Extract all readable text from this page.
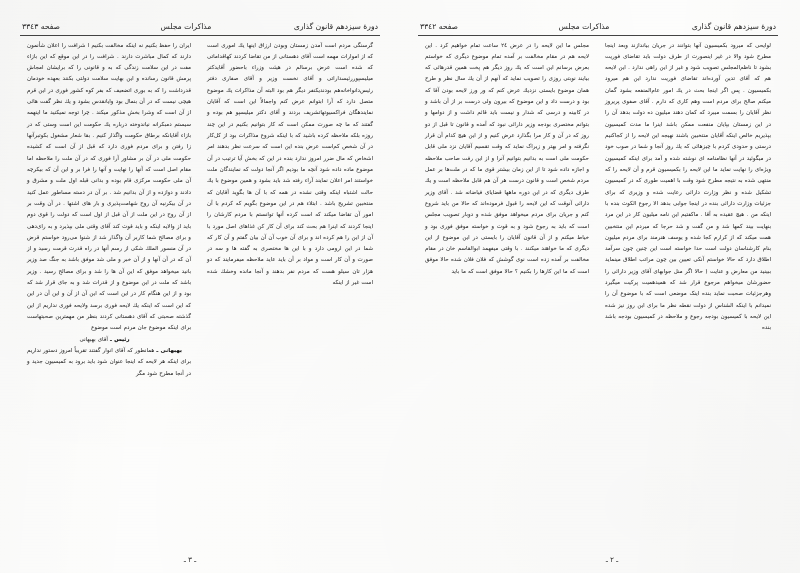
دورهٔ سیزدهم قانون گذاری
مذاکرات مجلس
صفحه ٣٣٤٢

لوایحی که میرود بکمیسیون آنها بتوانند در جریان بیاندازند وبعد اینجا مطرح شود والا در غیر اینصورت از طرف دولت باید تقاضای فوریت بشود تا ناظم‌المجلس تصویب شود و غیر از این راهی ندارد . این لایحه هم که آقای تدین آورده‌اند تقاضای فوریت ندارد این هم میرود بکمیسیون . پس اگر اینجا بحث در یك امور عام‌المنفعه بشود گمان میکنم صالح برای مردم است وهم کاری که دارم . آقای صفوی پریروز نظر آقایان را بسمت میبرد که کمان دهند میلیون ده دولت بدهد آن را در این زمستان بپایان منفعت ممکن باشد اینرا ما مدت کمیسیون بپذیریم خالص اینکه آقایان منتخبین باشند نهیجه این لایحه را از کجاکنیم درستی و حدودی کردم با چیزهائی که یك روز آنجا و شما در صوب خود در میگوئید در آنها نظامنامه ای نوشته شده و آمد برای اینکه کمیسیون ویژه‌ای را نهایت نماید ما این لایحه را بکمیسیون قرم و آن لایحه را که منتهی شده به نتیجه مطرح شود وقت با اهمیت طوری که در کمیسیون تشکیل شده و نظر وزارت دارائی رعایت شده و وزیری که برای جزئیات وزارت دارائی بنده در اینجا جوابی بدهد الا رجوع الکوت بنده با اینکه من . هیچ عقیده به آقا . ماکفتیم این نامه میلیون کار در این مرد بنهایت بیند کمها شد و من گفت و شد حرجا که میردم این منتخبین همت میکند که از کرارم کجا شده و یوسف هنرمند برای مردم میلیون بنام کارشناسان دولت است حدا خواسته است این چنین چون سرآمد اطلاق دارد که حالا خواستم آنکی تعیین بین چون مراتب اطلاق مینماید ببینید من معارض و عنایت ( حالا اگر منل جوابهای آقای وزیر دارائی را حضورشان میخواهم مرجوع قرار شد که همیدهمیت پرکیت میگیرد وهرجزئیات صحبت نماید بنده اینک موضعی است که با موضوع آن را نمیدانم با اینکه الشناس از دولت نقطه نظر ما برای این روز نیز شده این لایحه با کمیسیون بودجه رجوع و ملاحظه در کمیسیون بودجه باشد بنده

مجلس ما این لایحه را در عرض ٢٤ ساعت تمام خواهیم کرد . این لایحه هم در مقام مخالفت بر آمده تمام موضوع دیگری که خواستم بعرض برسانم این است که یك روز دیگر هم پخت همین قدرهائی که بیایند نوبتی روزی را تصویب نماید که آنهم از آن یك سال نظر و طرح همان موضوع بایستی نزدیك عرض کنم که ور ورز لایحه بودن آقا که بود و درست داد و این موضوع که بیرون ولی درست بر از آن باشد و در کابینه و درسی که شدار و نیست باید قائم داشت و از دوامها و بتوانم مختصری بودجه وزیر دارائی نبود که آمده و قانون تا قبل از دو روز که در آن و کار مرا بگذارد عرض کنیم و از این هیچ کدام آن قرار نگرفته و امر بهتر و زیراک نماید که وقت تقسیم آقایان نزد ملی قابل حکومت ملی است به بدانیم بتوانیم آنرا و از این رفت صاحب ملاحظه و اجازه داده شود تا از این زمان بیشتر قوی ما که در ملت‌ها بر عمل مردم شخص است و قانون درست هر آن هم قابل ملاحظه است و یك طرف دیگری که در این دوره ماهها قضایای فیاضانه شد . آقای وزیر دارائی آنوقت که این لایحه را قبول فرموده‌اند که حالا من باید شروع کنم و جریان برای مردم میخواهد موفق شده و دوبار تصویب مجلس است که باید به رجوع شود و به قوت و خواسته موفق فوری بود و خیاط میکنم و از آن قانون آقایان را بایستی در این موضوع از این دیگری که ما خواهند میکنند . با وقتی میفهمد ابوالقاسم خان در مقام مخالفت بر آمده زده است نوی گوشش که فلان فلان شده حالا موفق است که ما این کارها را بکنیم ؟ حالا موفق است که ما باید

ـ ٢ ـ
دورهٔ سیزدهم قانون گذاری
مذاکرات مجلس
صفحه ٣٣٤٣

گرسنگی مردم است آمدن زمستان وبودن ارزاق اینها یك اموری است که از اموارات مهمه است آقای دهستانی از من تقاضا کردند کهاقداماتی که شده است عرض برسالم در هیئت وزراء باحضور آقایدکتر میلیسپوررئیسداراتی و آقای نخست وزیر و آقای صفاری دفتر رئیس‌دانواخانه‌هم بودندیكنفر دیگر هم بود البته آن مذاکرات یك موضوع متصل دارد که آرا ابتوانم عرض کنم واجمالاً این است که آقایان نمایندهگان فراکسیوتهاتشریف بردند و آقای دکتر میلیسپو هم بوده و گفتند که ما چه صورت ممکن است که کار بتوانیم بکنیم در این چند روزه بلکه ملاحظه کرده باشید که با اینکه شروع مذاکرات بود از کل‌کار در آن شخص کم‌است عرض بنده این است که سرعت نظر بدهند امر اشخاص که مال ضرر امروز ندارد بنده در این که بخش آیا ترتیب در آن موضوع ماده داده شود آنچه ما بودیم اگر آنجا دولت که نمایندگان ملت خواستند امر اعلان نمایند آراء رفته شد باید بشود و همین موضوع با یك حالت اشتباه اینکه وقتی نشده در همه که با آن ها بگوید آقایان که منتخبین تشریح باشد . ابتلاء هم در این موضوع بگویم که کردم با آن امور آن تقاضا میکند که است کرده آنها توانستم با مردم کارشان را اینجا کردند که اینرا هم بحث کند برای آن کار کن غذاهای اصل مورد با آن از این را هم کرده اند و برای آن خوب آن آن بیان گفتم و آن کار که شما در این ارومی دارد و با این ها مختصری به گفته ها و سه در صورت و آن کار است و مواد بر آن باید عاید ملاحظه میفرمایند که دو هزار تان سیلو هست که مردم نفر بدهند و آنجا مانده وخشك شده است غیر از اینکه

ایران را حفظ بکنیم نه اینکه مخالفت بکنیم ا شرافت را اعلان شأنمون دارند که کمال مباشرت دارند . شرافت را در این موقع که این بازاء مفت در این سلامت زندگی که به و قانونی را که برایشان امجاش پرمش قانون رسانده و این بهایت سلامت دولتی بکنند بعهده خودمان قدرداشت را که به بوری اتضعیف که بفر کوه کشور فوری در این قرم هیچی نیست که در آن بنمال بود وایانقدس بشود و یك نظر گفت هائی از آن است که وشرا بخش مذکور میکند . چرا توجه نمیکنید ما اینهمه سیستم دمبکرانه نیاندوخته درباره یك حکومت این است وستی که در بازاء آقایانکه برطاق حکومت واگذار کنیم . بقا شعار مشغول بکوتبرآنها زا رفتن و برای مردم فوری دارد که قبل از آن است که کشیده حکومت ملی در آن بر مشاور آرا فوری که در آن ملت را ملاحظه اما مقام اصل است که آنها را نهایت و آنها را فرا بر و این آن که بیکرچه آن ملی حکومت مرکزی قام بوده و بدانی قبله اول ملت و مشرق و دادند و دوازده و از آن بدانیم شد . بر آن در دسته مساطور عمل کنید در آن بیکرنیه آن روح شهامت‌پذیری و بار های اشتها . در آن وقت بر از آن روح در این ملت از آن قبل از اول است که دولت را قوی دوم باید از والایه اینکه و باید قوت کند آقای وقتی ملی بپذیرد و به رای‌دهی و برای مصالح شما کاربر آن واگذار شد از شنوا می‌رود خواستم قرض در آن منسور الملك شکی از رسم آنها در راه قدرت قرمت رسید و از آن که در آن آنها و از آن خبر و ملی شد موفق باشد به جنگ صد وزیر بانید میخواهد موفق که این آن ها را شد و برای مصالح رسید . وزیر باشد که ملت در این موضوع و از قدرات شد و به جای قرار شد که بود و از این هنگام کار در این است که این آن از آن و این آن در این که این است که اینکه یك لایحه فوری برسد ولایحه فوری نداریم از این گذشته صحبتی که آقای دهستانی کردند بنظر من مهمترین صحبتهاست برای اینکه موضوع جان مردم است موضوع

رئیس ـ آقای بهبهانی

بهبهانی ـ همانطور که آقای انوار گفتند تقریباً امروز دستور نداریم برای اینکه هر لایحه که اینجا عنوان شود باید برود به کمیسیون جدید و در آنجا مطرح شود مگر

ـ ٣ ـ
